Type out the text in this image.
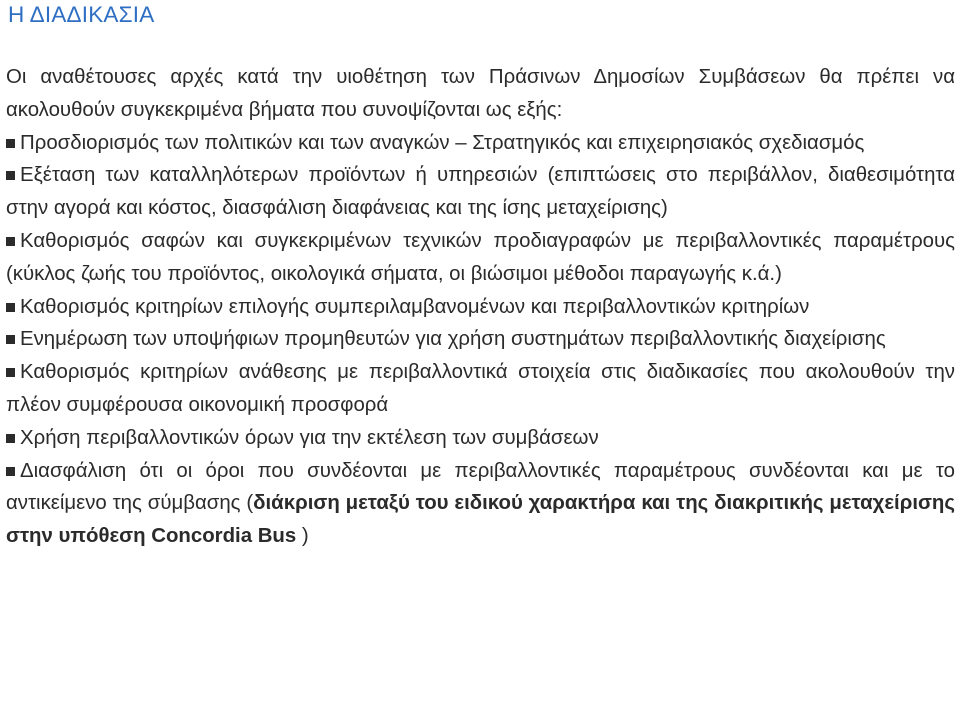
Η ΔΙΑΔΙΚΑΣΙΑ

Οι αναθέτουσες αρχές κατά την υιοθέτηση των Πράσινων Δημοσίων Συμβάσεων θα πρέπει να ακολουθούν συγκεκριμένα βήματα που συνοψίζονται ως εξής:

Προσδιορισμός των πολιτικών και των αναγκών – Στρατηγικός και επιχειρησιακός σχεδιασμός

Εξέταση των καταλληλότερων προϊόντων ή υπηρεσιών (επιπτώσεις στο περιβάλλον, διαθεσιμότητα στην αγορά και κόστος, διασφάλιση διαφάνειας και της ίσης μεταχείρισης)

Καθορισμός σαφών και συγκεκριμένων τεχνικών προδιαγραφών με περιβαλλοντικές παραμέτρους (κύκλος ζωής του προϊόντος, οικολογικά σήματα, οι βιώσιμοι μέθοδοι παραγωγής κ.ά.)

Καθορισμός κριτηρίων επιλογής συμπεριλαμβανομένων και περιβαλλοντικών κριτηρίων

Ενημέρωση των υποψήφιων προμηθευτών για χρήση συστημάτων περιβαλλοντικής διαχείρισης

Καθορισμός κριτηρίων ανάθεσης με περιβαλλοντικά στοιχεία στις διαδικασίες που ακολουθούν την πλέον συμφέρουσα οικονομική προσφορά

Χρήση περιβαλλοντικών όρων για την εκτέλεση των συμβάσεων

Διασφάλιση ότι οι όροι που συνδέονται με περιβαλλοντικές παραμέτρους συνδέονται και με το αντικείμενο της σύμβασης (διάκριση μεταξύ του ειδικού χαρακτήρα και της διακριτικής μεταχείρισης στην υπόθεση Concordia Bus )
